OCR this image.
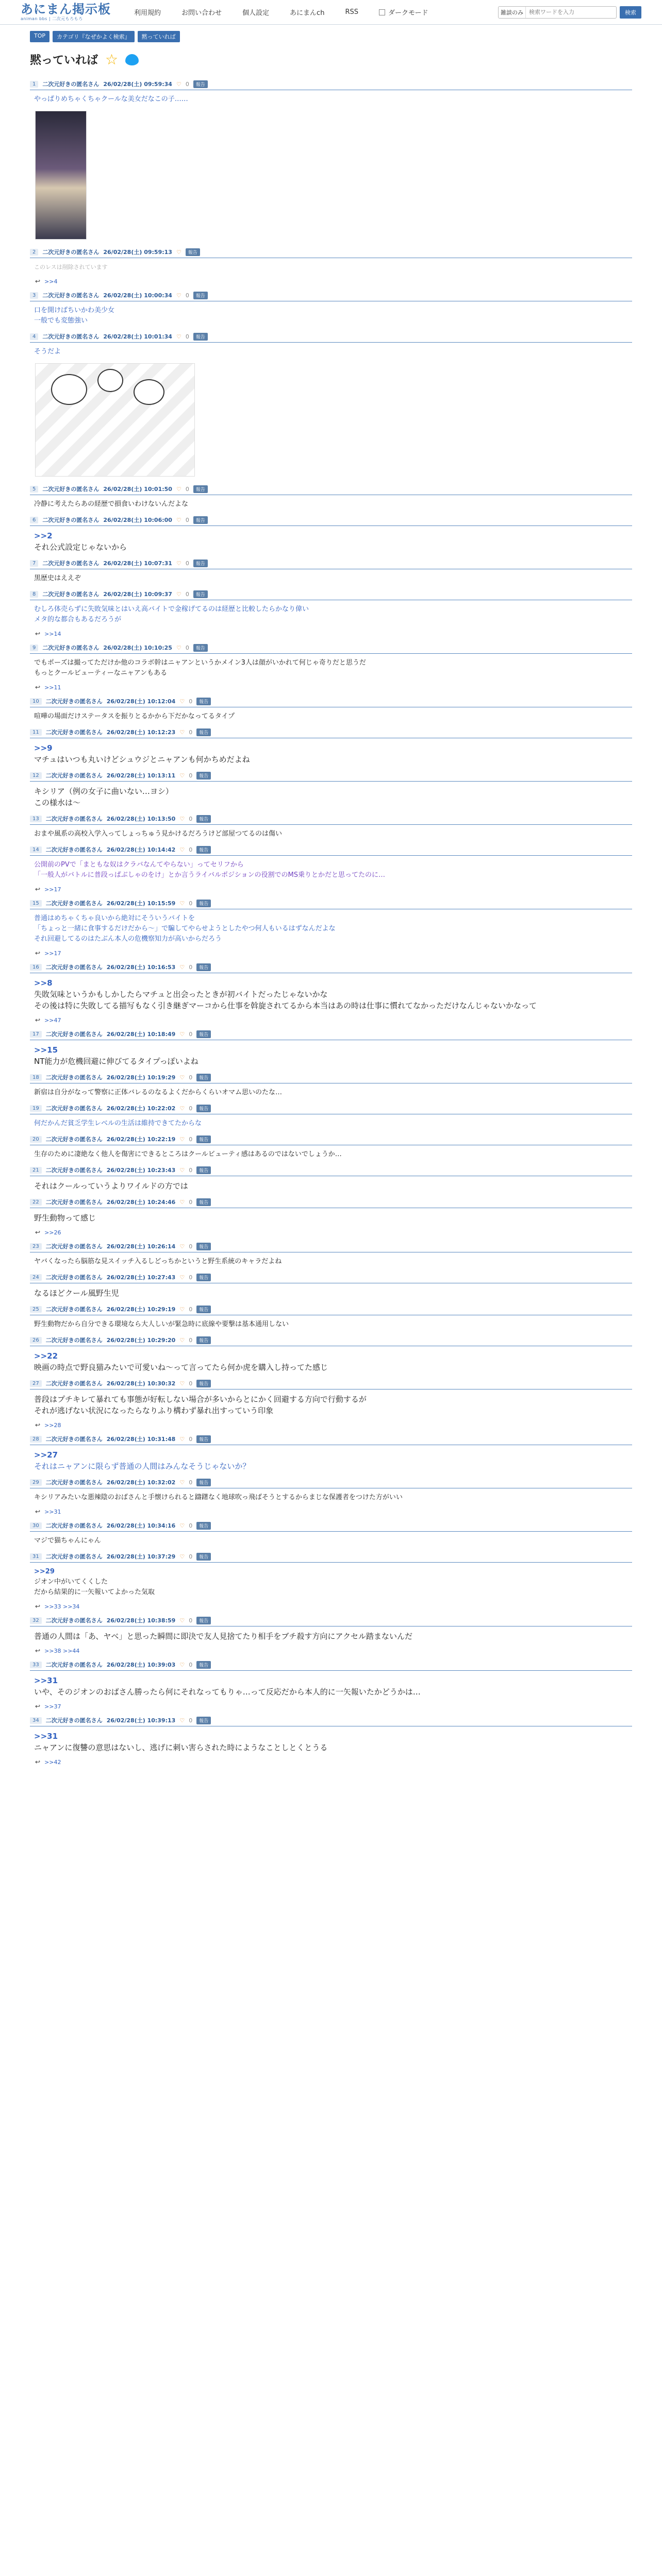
あにまん掲示板
animan bbs | 二次元もろもろ
利用規約	お問い合わせ	個人設定	あにまんch	RSS	ダークモード	雑談のみ
検索ワードを入力	検索
TOP	カテゴリ『なぜかよく検索』	黙っていれば
黙っていれば ☆
1	二次元好きの匿名さん 26/02/28(土) 09:59:34 ♡ 0	報告
やっぱりめちゃくちゃクールな美女だなこの子……
2	二次元好きの匿名さん 26/02/28(土) 09:59:13 ♡	報告
このレスは削除されています
↩ >>4
3	二次元好きの匿名さん 26/02/28(土) 10:00:34 ♡ 0	報告
口を開けばちいかわ美少女
一般でも変態強い
4	二次元好きの匿名さん 26/02/28(土) 10:01:34 ♡ 0	報告
そうだよ
5	二次元好きの匿名さん 26/02/28(土) 10:01:50 ♡ 0	報告
冷静に考えたらあの経歴で損食いわけないんだよな
6	二次元好きの匿名さん 26/02/28(土) 10:06:00 ♡ 0	報告
>>2
それ公式設定じゃないから
7	二次元好きの匿名さん 26/02/28(土) 10:07:31 ♡ 0	報告
黒歴史はええぞ
8	二次元好きの匿名さん 26/02/28(土) 10:09:37 ♡ 0	報告
むしろ体売らずに失敗気味とはいえ高バイトで金稼げてるのは経歴と比較したらかなり偉い
メタ的な都合もあるだろうが
↩ >>14
9	二次元好きの匿名さん 26/02/28(土) 10:10:25 ♡ 0	報告
でもポーズは撮ってただけか他のコラボ幹はニャアンというかメイン3人は顔がいかれて何じゃ奇りだと思うだ
もっとクールビューティーなニャアンもある
↩ >>11
10	二次元好きの匿名さん 26/02/28(土) 10:12:04 ♡ 0	報告
喧嘩の場面だけステータスを振りとるかから下だかなってるタイプ
11	二次元好きの匿名さん 26/02/28(土) 10:12:23 ♡ 0	報告
>>9
マチュはいつも丸いけどシュウジとニャアンも何かちめだよね
12	二次元好きの匿名さん 26/02/28(土) 10:13:11 ♡ 0	報告
キシリア（例の女子に曲いない…ヨシ）
この様水は〜
13	二次元好きの匿名さん 26/02/28(土) 10:13:50 ♡ 0	報告
おまや風系の高校入学入ってしょっちゅう見かけるだろうけど部屋つてるのは傷い
14	二次元好きの匿名さん 26/02/28(土) 10:14:42 ♡ 0	報告
公開前のPVで「まともな奴はクラバなんてやらない」ってセリフから
「一般人がバトルに普段っぱぶしゃのをけ」とか言うライバルポジションの役割でのMS乗りとかだと思ってたのに…
↩ >>17
15	二次元好きの匿名さん 26/02/28(土) 10:15:59 ♡ 0	報告
普通はめちゃくちゃ良いから絶対にそういうバイトを
「ちょっと一緒に食事するだけだから〜」で騙してやらせようとしたやつ何人もいるはずなんだよな
それ回避してるのはたぶん本人の危機察知力が高いからだろう
↩ >>17
16	二次元好きの匿名さん 26/02/28(土) 10:16:53 ♡ 0	報告
>>8
失敗気味というかもしかしたらマチュと出会ったときが初バイトだったじゃないかな
その後は特に失敗してる描写もなく引き継ぎマーコから仕事を斡旋されてるから本当はあの時は仕事に慣れてなかっただけなんじゃないかなって
↩ >>47
17	二次元好きの匿名さん 26/02/28(土) 10:18:49 ♡ 0	報告
>>15
NT能力が危機回避に伸びてるタイプっぽいよね
18	二次元好きの匿名さん 26/02/28(土) 10:19:29 ♡ 0	報告
新宿は自分がなって警察に正体バレるのなるよくだからくらいオマム思いのたな…
19	二次元好きの匿名さん 26/02/28(土) 10:22:02 ♡ 0	報告
何だかんだ貧乏学生レベルの生活は維持できてたからな
20	二次元好きの匿名さん 26/02/28(土) 10:22:19 ♡ 0	報告
生存のために凄絶なく他人を傷害にできるところはクールビューティ感はあるのではないでしょうか…
21	二次元好きの匿名さん 26/02/28(土) 10:23:43 ♡ 0	報告
それはクールっていうよりワイルドの方では
22	二次元好きの匿名さん 26/02/28(土) 10:24:46 ♡ 0	報告
野生動物って感じ
↩ >>26
23	二次元好きの匿名さん 26/02/28(土) 10:26:14 ♡ 0	報告
ヤバくなったら脳筋な見スイッチ入るしどっちかというと野生系統のキャラだよね
24	二次元好きの匿名さん 26/02/28(土) 10:27:43 ♡ 0	報告
なるほどクール風野生児
25	二次元好きの匿名さん 26/02/28(土) 10:29:19 ♡ 0	報告
野生動物だから自分できる環境なら大人しいが緊急時に底線や要撃は基本通用しない
26	二次元好きの匿名さん 26/02/28(土) 10:29:20 ♡ 0	報告
>>22
映画の時点で野良猫みたいで可愛いね〜って言ってたら何か虎を購入し持ってた感じ
27	二次元好きの匿名さん 26/02/28(土) 10:30:32 ♡ 0	報告
普段はプチキレて暴れても事態が好転しない場合が多いからとにかく回避する方向で行動するが
それが逃げない状況になったらなりふり構わず暴れ出すっていう印象
↩ >>28
28	二次元好きの匿名さん 26/02/28(土) 10:31:48 ♡ 0	報告
>>27
それはニャアンに限らず普通の人間はみんなそうじゃないか？
29	二次元好きの匿名さん 26/02/28(土) 10:32:02 ♡ 0	報告
キシリアみたいな悪辣陰のおばさんと手懐けられると躊躇なく地球吹っ飛ばそうとするからまじな保護者をつけた方がいい
↩ >>31
30	二次元好きの匿名さん 26/02/28(土) 10:34:16 ♡ 0	報告
マジで猫ちゃんにゃん
31	二次元好きの匿名さん 26/02/28(土) 10:37:29 ♡ 0	報告
>>29
ジオン中がいてくくした
だから結果的に一矢報いてよかった気取
↩ >>33 >>34
32	二次元好きの匿名さん 26/02/28(土) 10:38:59 ♡ 0	報告
普通の人間は「あ、ヤベ」と思った瞬間に即決で友人見捨てたり相手をブチ殺す方向にアクセル踏まないんだ
↩ >>38 >>44
33	二次元好きの匿名さん 26/02/28(土) 10:39:03 ♡ 0	報告
>>31
いや、そのジオンのおばさん勝ったら何にそれなってもりゃ…って反応だから本人的に一矢報いたかどうかは…
↩ >>37
34	二次元好きの匿名さん 26/02/28(土) 10:39:13 ♡ 0	報告
>>31
ニャアンに復讐の意思はないし、逃げに刺い害らされた時にようなことしとくとうる
↩ >>42
